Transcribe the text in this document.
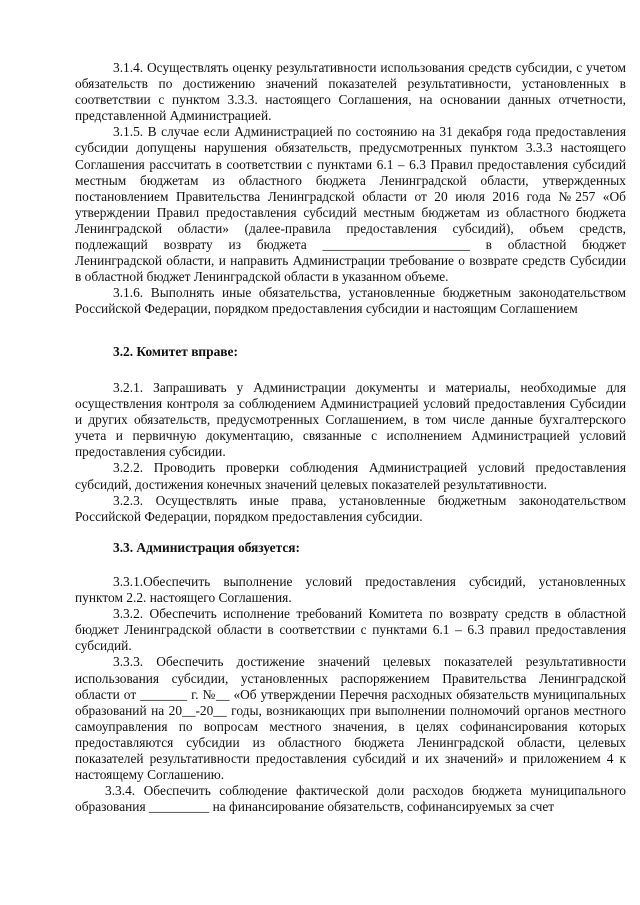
3.1.4. Осуществлять оценку результативности использования средств субсидии, с учетом обязательств по достижению значений показателей результативности, установленных в соответствии с пунктом 3.3.3. настоящего Соглашения, на основании данных отчетности, представленной Администрацией.

3.1.5. В случае если Администрацией по состоянию на 31 декабря года предоставления субсидии допущены нарушения обязательств, предусмотренных пунктом 3.3.3 настоящего Соглашения рассчитать в соответствии с пунктами 6.1 – 6.3 Правил предоставления субсидий местным бюджетам из областного бюджета Ленинградской области, утвержденных постановлением Правительства Ленинградской области от 20 июля 2016 года №257 «Об утверждении Правил предоставления субсидий местным бюджетам из областного бюджета Ленинградской области» (далее-правила предоставления субсидий), объем средств, подлежащий возврату из бюджета ______________________ в областной бюджет Ленинградской области, и направить Администрации требование о возврате средств Субсидии в областной бюджет Ленинградской области в указанном объеме.

3.1.6. Выполнять иные обязательства, установленные бюджетным законодательством Российской Федерации, порядком предоставления субсидии и настоящим Соглашением

3.2. Комитет вправе:

3.2.1. Запрашивать у Администрации документы и материалы, необходимые для осуществления контроля за соблюдением Администрацией условий предоставления Субсидии и других обязательств, предусмотренных Соглашением, в том числе данные бухгалтерского учета и первичную документацию, связанные с исполнением Администрацией условий предоставления субсидии.

3.2.2. Проводить проверки соблюдения Администрацией условий предоставления субсидий, достижения конечных значений целевых показателей результативности.

3.2.3. Осуществлять иные права, установленные бюджетным законодательством Российской Федерации, порядком предоставления субсидии.

3.3. Администрация обязуется:

3.3.1.Обеспечить выполнение условий предоставления субсидий, установленных пунктом 2.2. настоящего Соглашения.

3.3.2. Обеспечить исполнение требований Комитета по возврату средств в областной бюджет Ленинградской области в соответствии с пунктами 6.1 – 6.3 правил предоставления субсидий.

3.3.3. Обеспечить достижение значений целевых показателей результативности использования субсидии, установленных распоряжением Правительства Ленинградской области от _______ г. №__ «Об утверждении Перечня расходных обязательств муниципальных образований на 20__-20__ годы, возникающих при выполнении полномочий органов местного самоуправления по вопросам местного значения, в целях софинансирования которых предоставляются субсидии из областного бюджета Ленинградской области, целевых показателей результативности предоставления субсидий и их значений» и приложением 4 к настоящему Соглашению.

3.3.4. Обеспечить соблюдение фактической доли расходов бюджета муниципального образования _________ на финансирование обязательств, софинансируемых за счет
